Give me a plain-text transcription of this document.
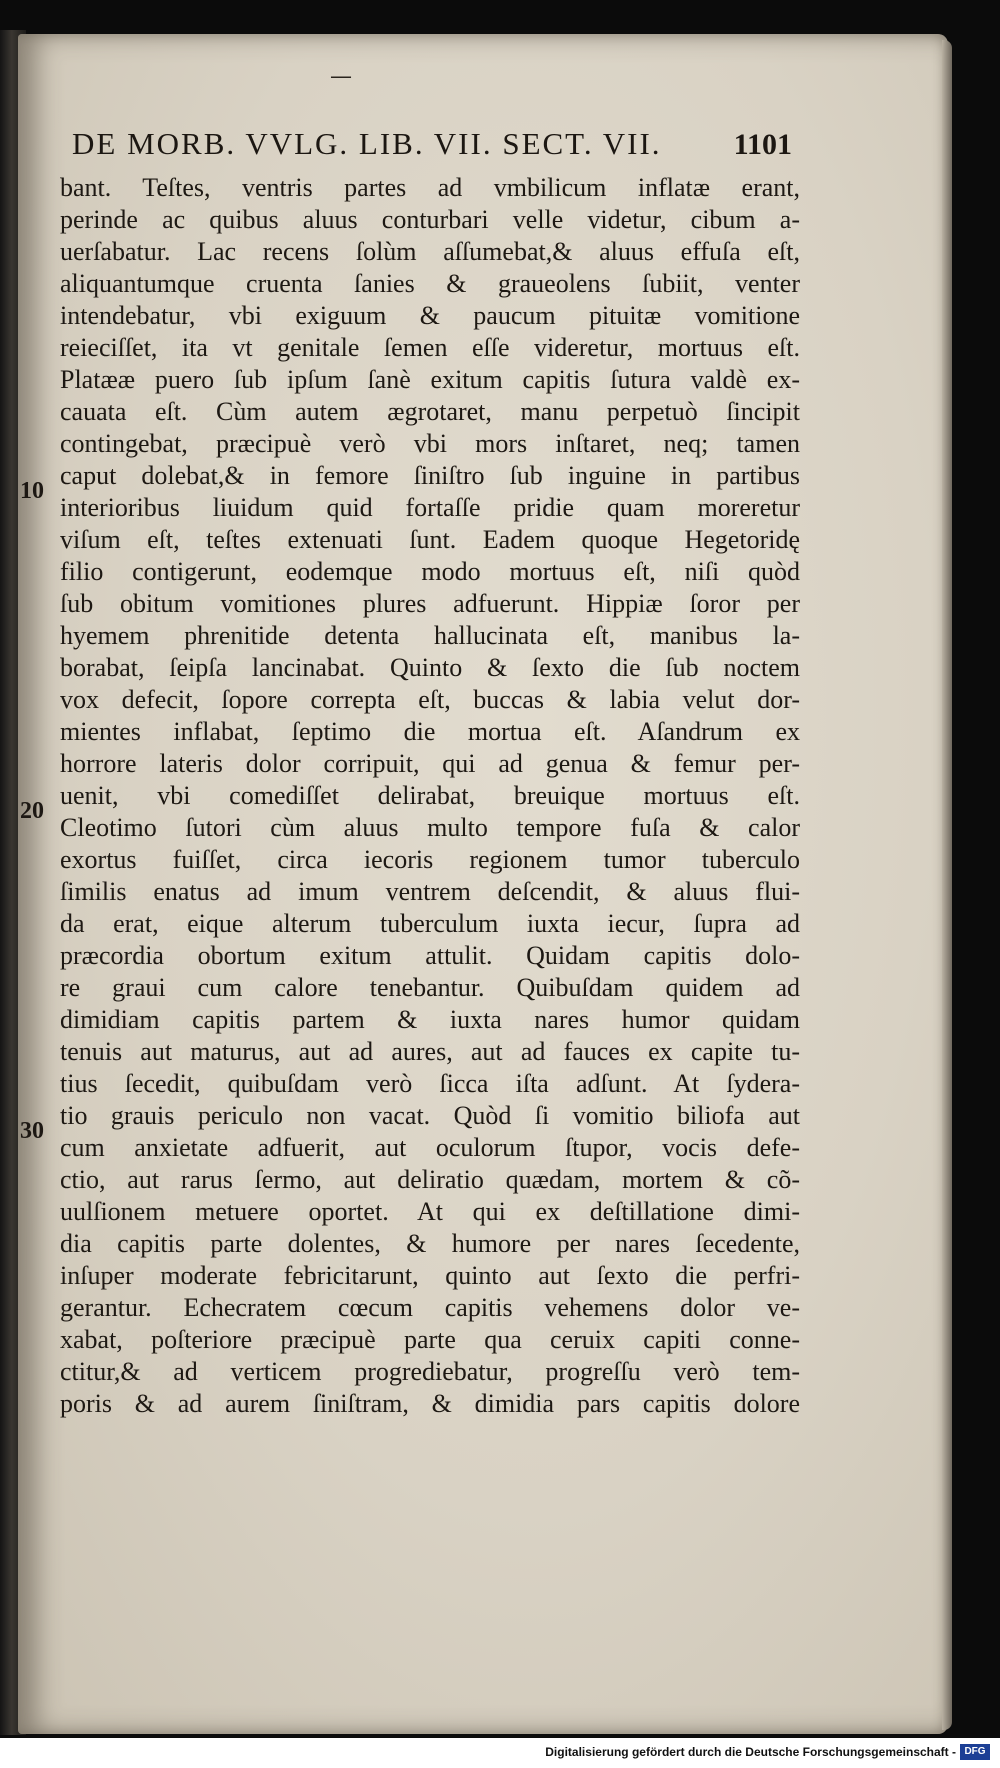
—
DE MORB. VVLG. LIB. VII. SECT. VII. 1101
10
20
30
bant. Teſtes, ventris partes ad vmbilicum inflatæ erant,
perinde ac quibus aluus conturbari velle videtur, cibum a-
uerſabatur. Lac recens ſolùm aſſumebat,& aluus effuſa eſt,
aliquantumque cruenta ſanies & graueolens ſubiit, venter
intendebatur, vbi exiguum & paucum pituitæ vomitione
reieciſſet, ita vt genitale ſemen eſſe videretur, mortuus eſt.
Platææ puero ſub ipſum ſanè exitum capitis ſutura valdè ex-
cauata eſt. Cùm autem ægrotaret, manu perpetuò ſincipit
contingebat, præcipuè verò vbi mors inſtaret, neq; tamen
caput dolebat,& in femore ſiniſtro ſub inguine in partibus
interioribus liuidum quid fortaſſe pridie quam moreretur
viſum eſt, teſtes extenuati ſunt. Eadem quoque Hegetoridę
filio contigerunt, eodemque modo mortuus eſt, niſi quòd
ſub obitum vomitiones plures adfuerunt. Hippiæ ſoror per
hyemem phrenitide detenta hallucinata eſt, manibus la-
borabat, ſeipſa lancinabat. Quinto & ſexto die ſub noctem
vox defecit, ſopore correpta eſt, buccas & labia velut dor-
mientes inflabat, ſeptimo die mortua eſt. Aſandrum ex
horrore lateris dolor corripuit, qui ad genua & femur per-
uenit, vbi comediſſet delirabat, breuique mortuus eſt.
Cleotimo ſutori cùm aluus multo tempore fuſa & calor
exortus fuiſſet, circa iecoris regionem tumor tuberculo
ſimilis enatus ad imum ventrem deſcendit, & aluus flui-
da erat, eique alterum tuberculum iuxta iecur, ſupra ad
præcordia obortum exitum attulit. Quidam capitis dolo-
re graui cum calore tenebantur. Quibuſdam quidem ad
dimidiam capitis partem & iuxta nares humor quidam
tenuis aut maturus, aut ad aures, aut ad fauces ex capite tu-
tius ſecedit, quibuſdam verò ſicca iſta adſunt. At ſydera-
tio grauis periculo non vacat. Quòd ſi vomitio biliofa aut
cum anxietate adfuerit, aut oculorum ſtupor, vocis defe-
ctio, aut rarus ſermo, aut deliratio quædam, mortem & cõ-
uulſionem metuere oportet. At qui ex deſtillatione dimi-
dia capitis parte dolentes, & humore per nares ſecedente,
inſuper moderate febricitarunt, quinto aut ſexto die perfri-
gerantur. Echecratem cœcum capitis vehemens dolor ve-
xabat, poſteriore præcipuè parte qua ceruix capiti conne-
ctitur,& ad verticem progrediebatur, progreſſu verò tem-
poris & ad aurem ſiniſtram, & dimidia pars capitis dolore
Digitalisierung gefördert durch die Deutsche Forschungsgemeinschaft - DFG
